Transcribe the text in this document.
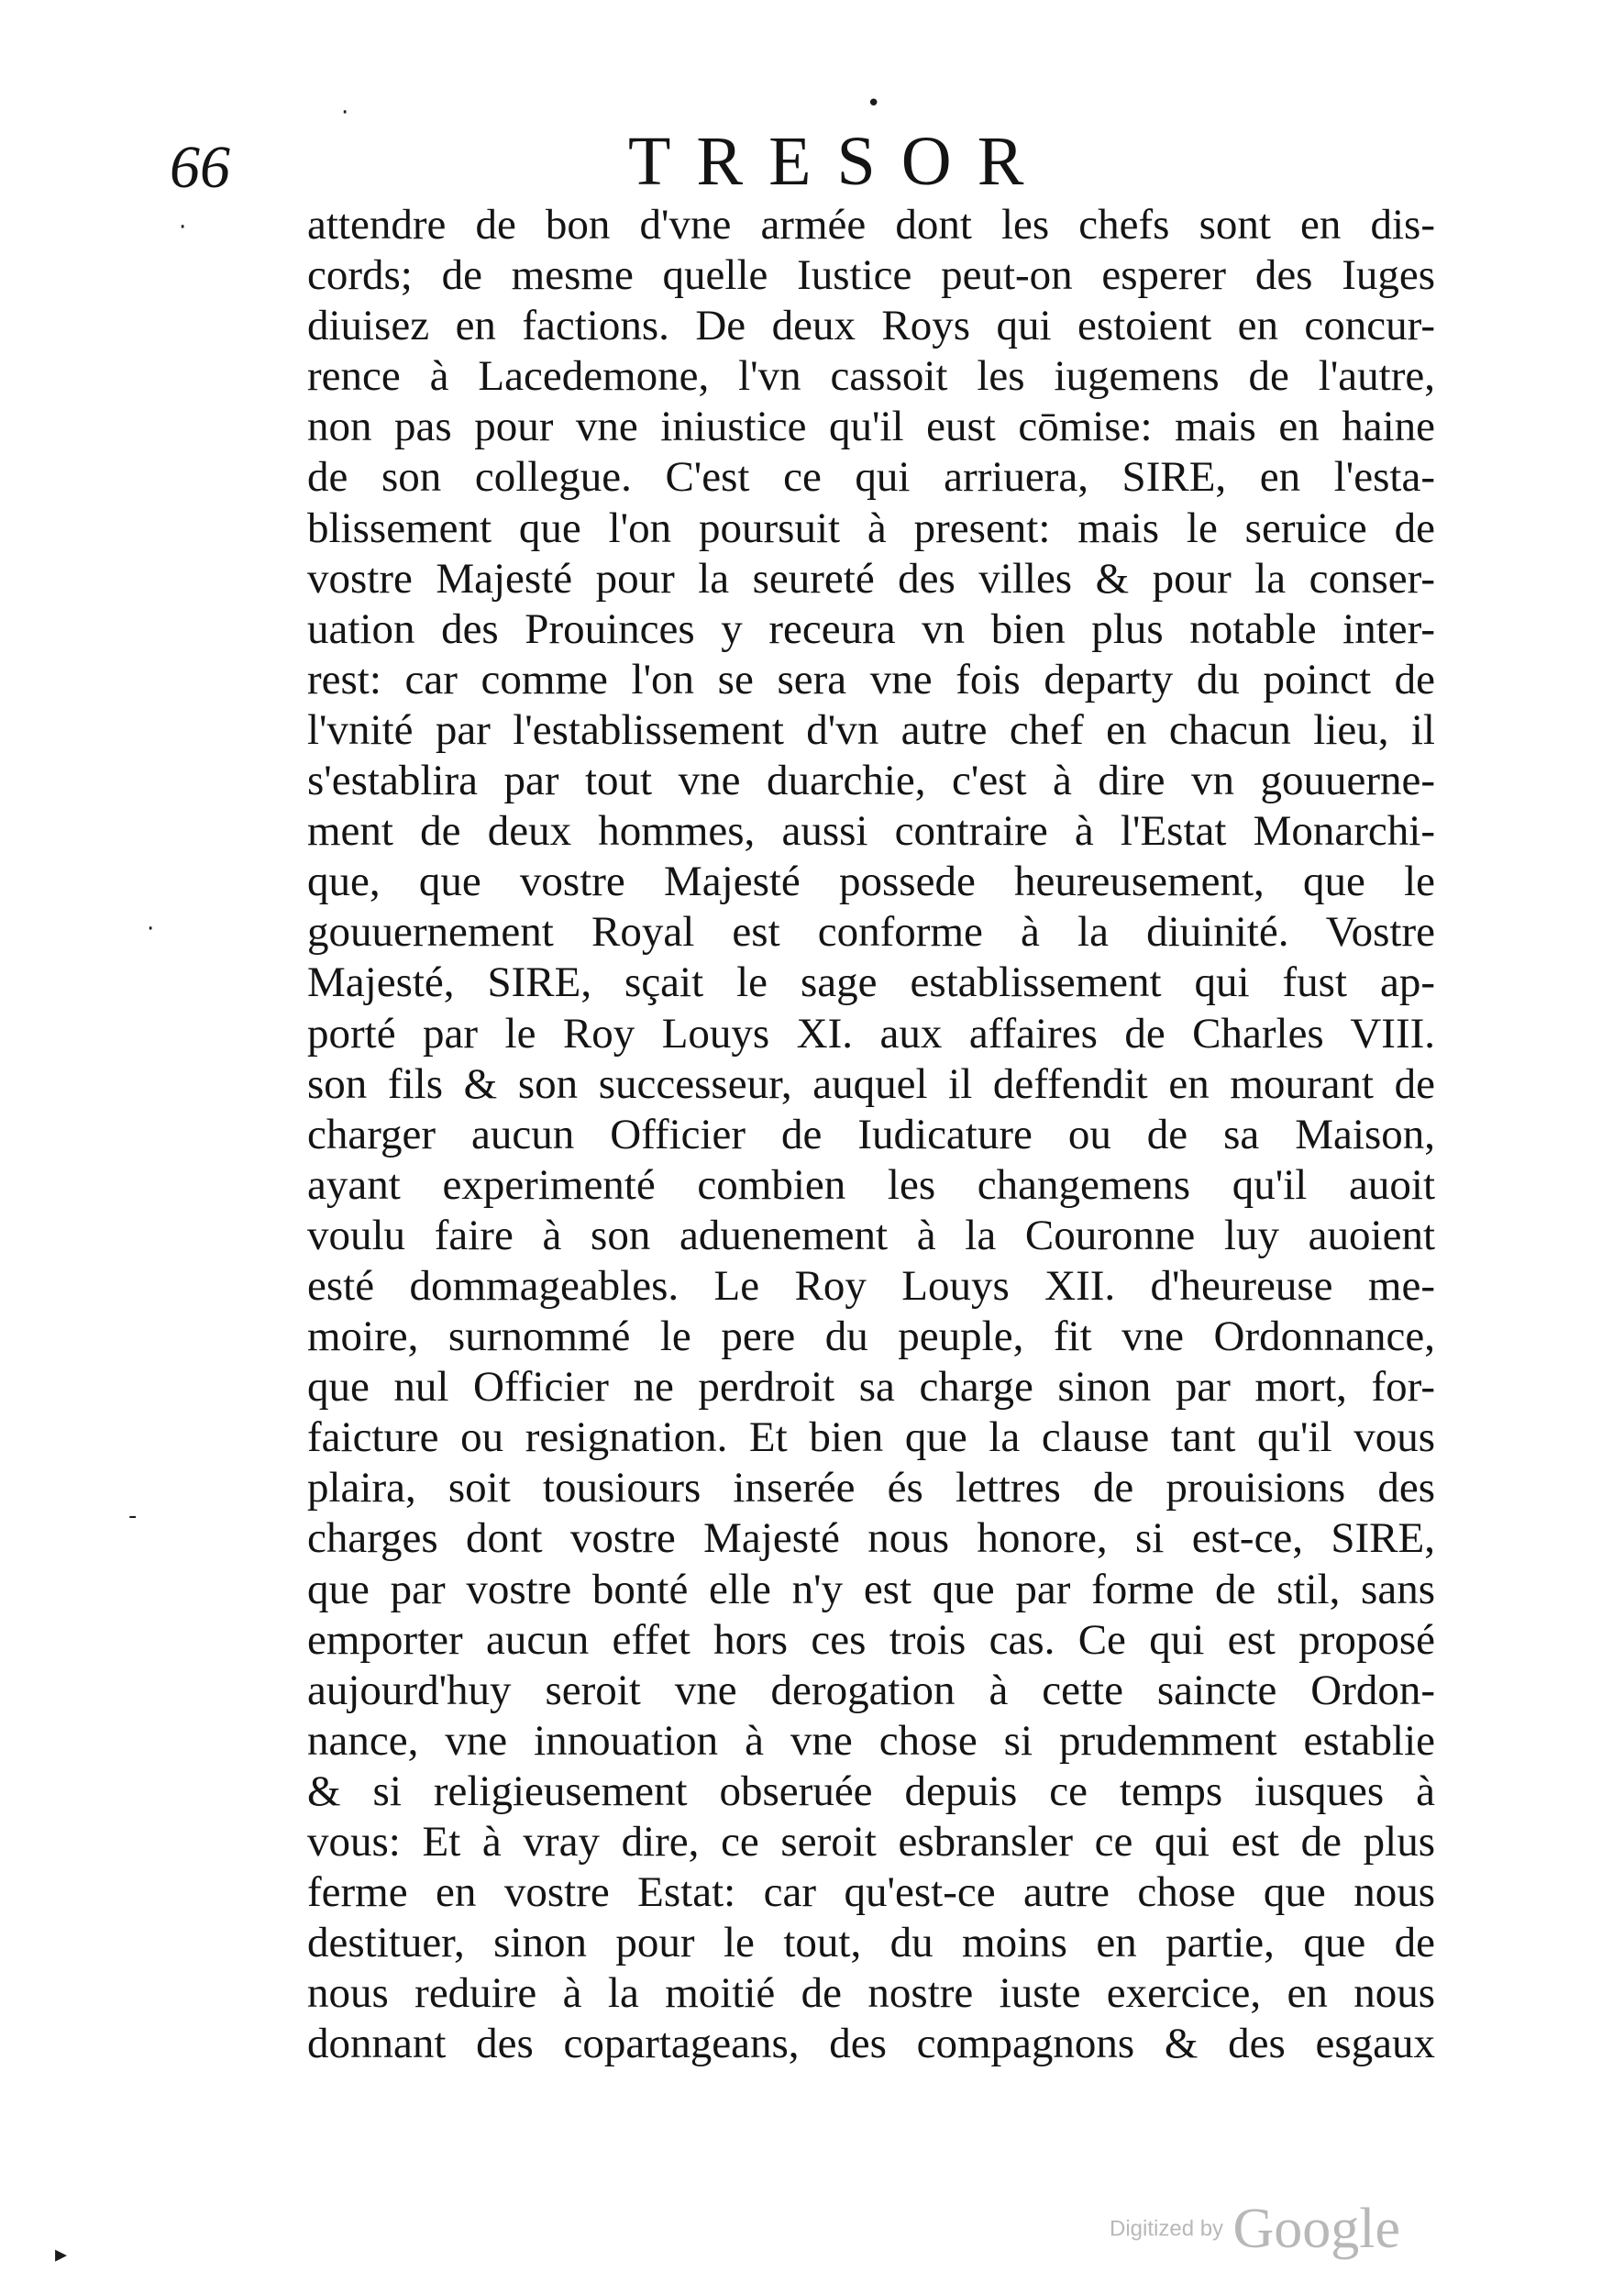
66	TRESOR
attendre de bon d'vne armée dont les chefs sont en dis-
cords; de mesme quelle Iustice peut-on esperer des Iuges
diuisez en factions. De deux Roys qui estoient en concur-
rence à Lacedemone, l'vn cassoit les iugemens de l'autre,
non pas pour vne iniustice qu'il eust cōmise: mais en haine
de son collegue. C'est ce qui arriuera, SIRE, en l'esta-
blissement que l'on poursuit à present: mais le seruice de
vostre Majesté pour la seureté des villes & pour la conser-
uation des Prouinces y receura vn bien plus notable inter-
rest: car comme l'on se sera vne fois departy du poinct de
l'vnité par l'establissement d'vn autre chef en chacun lieu, il
s'establira par tout vne duarchie, c'est à dire vn gouuerne-
ment de deux hommes, aussi contraire à l'Estat Monarchi-
que, que vostre Majesté possede heureusement, que le
gouuernement Royal est conforme à la diuinité. Vostre
Majesté, SIRE, sçait le sage establissement qui fust ap-
porté par le Roy Louys XI. aux affaires de Charles VIII.
son fils & son successeur, auquel il deffendit en mourant de
charger aucun Officier de Iudicature ou de sa Maison,
ayant experimenté combien les changemens qu'il auoit
voulu faire à son aduenement à la Couronne luy auoient
esté dommageables. Le Roy Louys XII. d'heureuse me-
moire, surnommé le pere du peuple, fit vne Ordonnance,
que nul Officier ne perdroit sa charge sinon par mort, for-
faicture ou resignation. Et bien que la clause tant qu'il vous
plaira, soit tousiours inserée és lettres de prouisions des
charges dont vostre Majesté nous honore, si est-ce, SIRE,
que par vostre bonté elle n'y est que par forme de stil, sans
emporter aucun effet hors ces trois cas. Ce qui est proposé
aujourd'huy seroit vne derogation à cette saincte Ordon-
nance, vne innouation à vne chose si prudemment establie
& si religieusement obseruée depuis ce temps iusques à
vous: Et à vray dire, ce seroit esbransler ce qui est de plus
ferme en vostre Estat: car qu'est-ce autre chose que nous
destituer, sinon pour le tout, du moins en partie, que de
nous reduire à la moitié de nostre iuste exercice, en nous
donnant des copartageans, des compagnons & des esgaux
·	•
·
·
-
▸
Digitized by Google
